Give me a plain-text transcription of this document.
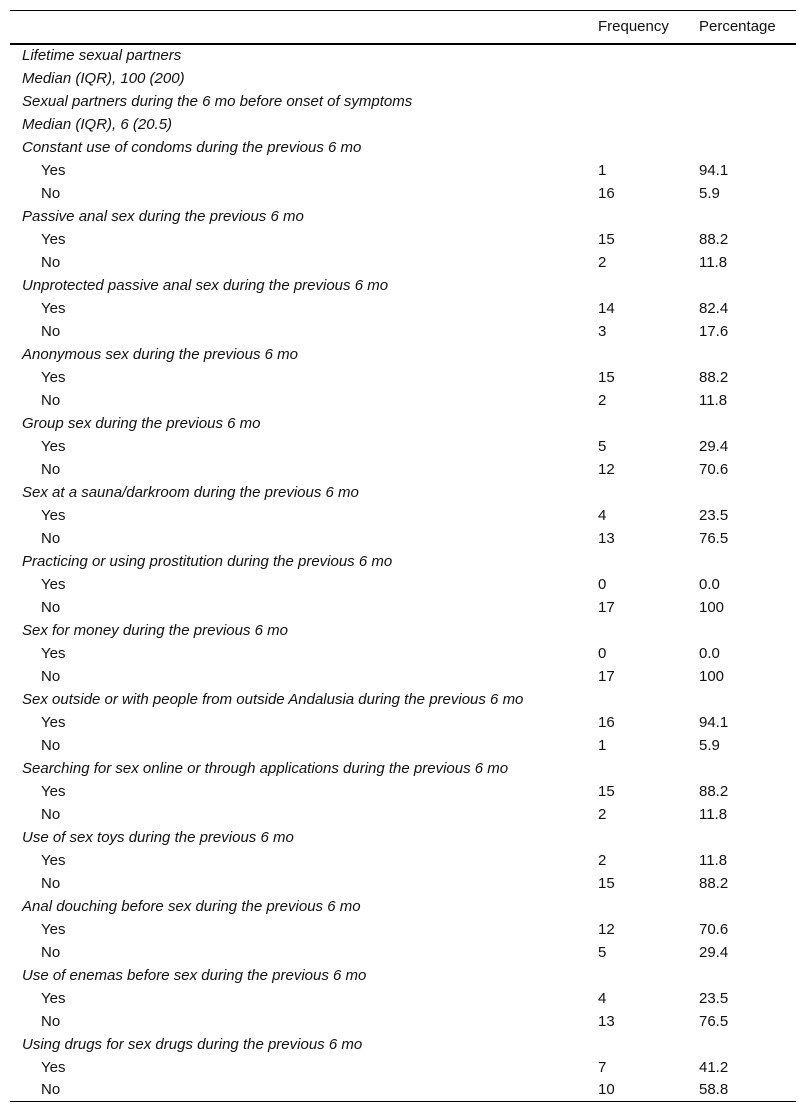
	Frequency	Percentage
Lifetime sexual partners		
Median (IQR), 100 (200)		
Sexual partners during the 6 mo before onset of symptoms		
Median (IQR), 6 (20.5)		
Constant use of condoms during the previous 6 mo		
Yes	1	94.1
No	16	5.9
Passive anal sex during the previous 6 mo		
Yes	15	88.2
No	2	11.8
Unprotected passive anal sex during the previous 6 mo		
Yes	14	82.4
No	3	17.6
Anonymous sex during the previous 6 mo		
Yes	15	88.2
No	2	11.8
Group sex during the previous 6 mo		
Yes	5	29.4
No	12	70.6
Sex at a sauna/darkroom during the previous 6 mo		
Yes	4	23.5
No	13	76.5
Practicing or using prostitution during the previous 6 mo		
Yes	0	0.0
No	17	100
Sex for money during the previous 6 mo		
Yes	0	0.0
No	17	100
Sex outside or with people from outside Andalusia during the previous 6 mo		
Yes	16	94.1
No	1	5.9
Searching for sex online or through applications during the previous 6 mo		
Yes	15	88.2
No	2	11.8
Use of sex toys during the previous 6 mo		
Yes	2	11.8
No	15	88.2
Anal douching before sex during the previous 6 mo		
Yes	12	70.6
No	5	29.4
Use of enemas before sex during the previous 6 mo		
Yes	4	23.5
No	13	76.5
Using drugs for sex drugs during the previous 6 mo		
Yes	7	41.2
No	10	58.8
